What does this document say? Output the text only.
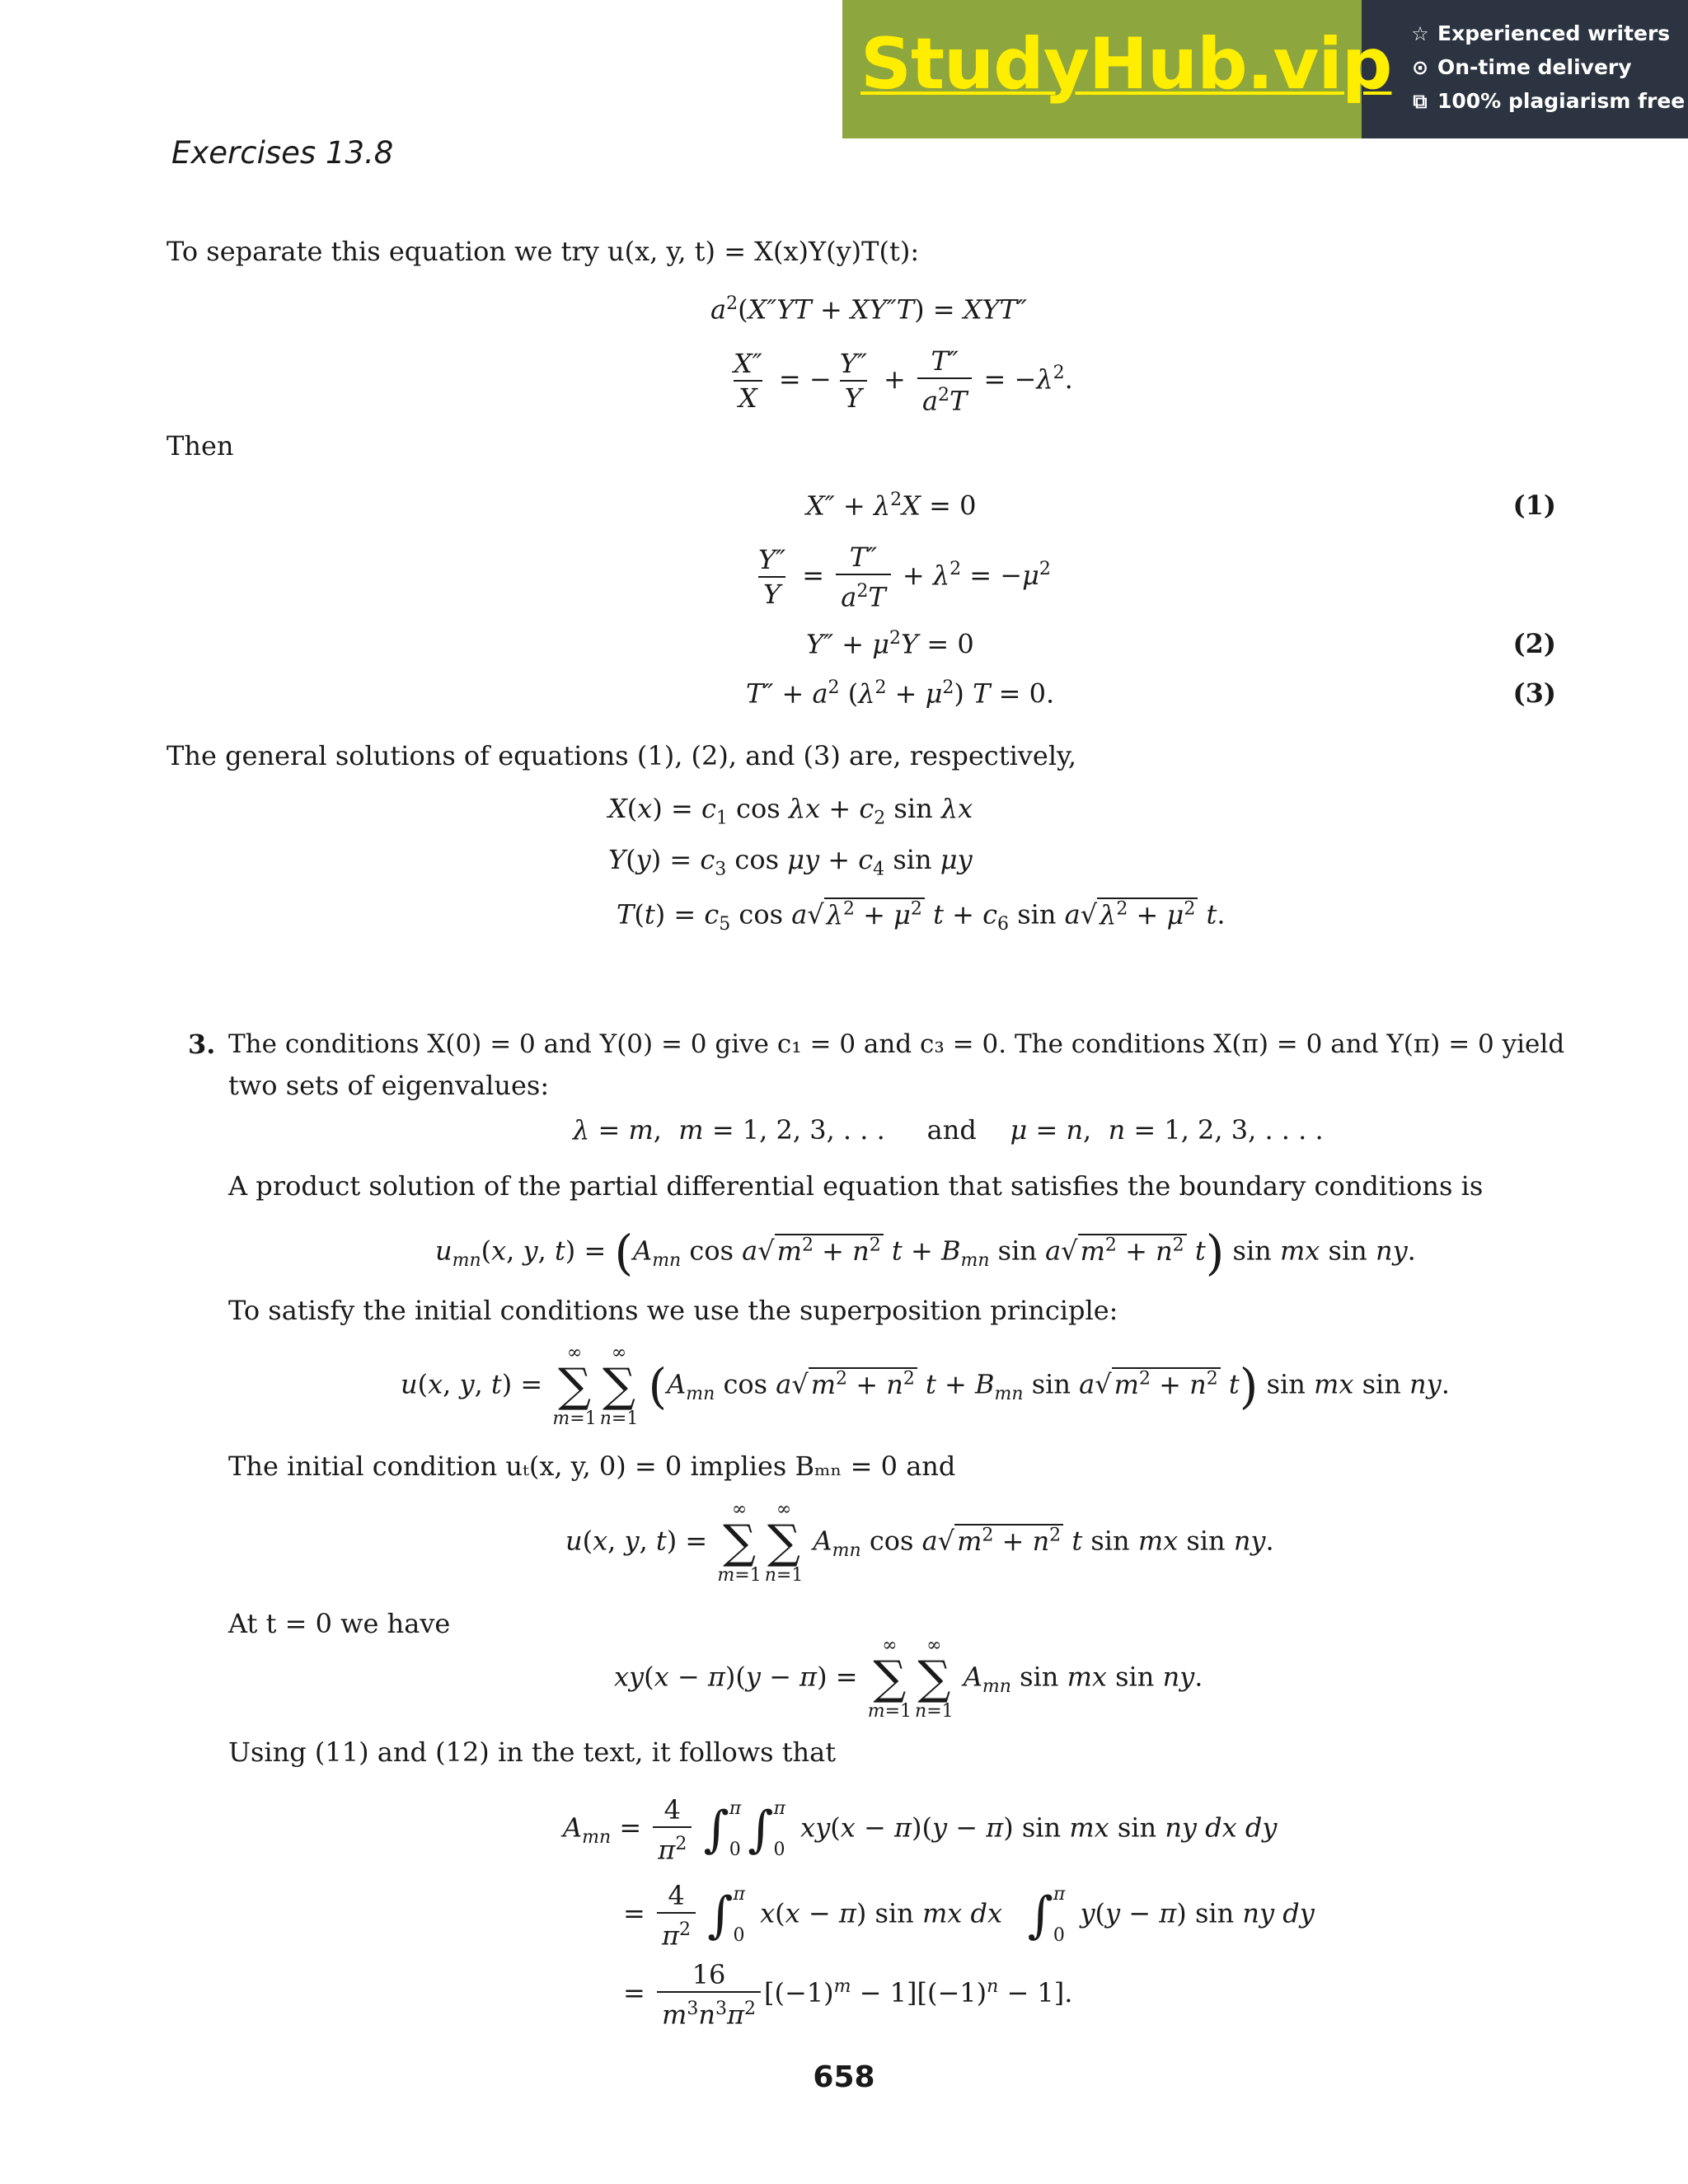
StudyHub.vip ☆ Experienced writers
⊙ On-time delivery
⧉ 100% plagiarism free
Exercises 13.8
To separate this equation we try u(x, y, t) = X(x)Y(y)T(t):
$a^2(X''YT + XY''T) = XYT''$
$\frac{X''}{X}$ = − $\frac{Y''}{Y} + \frac{T''}{a^2T} = -\lambda^2$.
Then
$X'' + \lambda^2X = 0$	(1)
$\frac{Y''}{Y} = \frac{T''}{a^2T} + \lambda^2 = -\mu^2$
$Y'' + \mu^2Y = 0$	(2)
$T'' + a^2$ $(\lambda^2 + \mu^2) T = 0$.	(3)
The general solutions of equations (1), (2), and (3) are, respectively,
$X(x) = c_1$ $\cos \lambda x + c_2$ sin λx
$Y(y) = c_3$ $\cos \mu y + c_4$ sin μy
$T(t) = c_5$ $\cos a√\lambda^2 + \mu^2$ $t + c_6$ $\sin a√\lambda^2 + \mu^2$ t.
3. The conditions X(0) = 0 and Y(0) = 0 give c₁ = 0 and c₃ = 0. The conditions X(π) = 0 and Y(π) = 0 yield
two sets of eigenvalues:
λ = m,  m = 1, 2, 3, . . .     and μ = n,  n = 1, 2, 3, . . . .
A product solution of the partial differential equation that satisfies the boundary conditions is
$u_{mn}(x$, y, $t) = (A_{mn}$ $\cos a√m^2 + n^2$ $t + B_{mn}$ $\sin a√m^2 + n^2$ t) sin mx sin ny.
To satisfy the initial conditions we use the superposition principle:
u(x, y, t) =
∞
∑
m=1
∞
∑
n=1
($A_{mn}$ $\cos a√m^2 + n^2$ $t + B_{mn}$ $\sin a√m^2 + n^2$ t) sin mx sin ny.
The initial condition uₜ(x, y, 0) = 0 implies Bₘₙ = 0 and
u(x, y, t) =
∞
∑
m=1
∞
∑
n=1
$A_{mn}$ $\cos a√m^2 + n^2$ t sin mx sin ny.
At t = 0 we have
xy(x − π)(y − π) =
∞
∑
m=1
∞
∑
n=1
$A_{mn}$ sin mx sin ny.
Using (11) and (12) in the text, it follows that
$A_{mn} = \frac{4}{\pi^2}$ ∫ π
0 ∫ π
0
xy(x − π)(y − π) sin mx sin ny dx dy
= $\frac{4}{\pi^2}$ ∫ π
0
x(x − π) sin mx dx ∫ π
0
y(y − π) sin ny dy
= $\frac{16}{m^3n^3\pi^2} [(-1)^m - 1][(-1)^n - 1]$.
658
